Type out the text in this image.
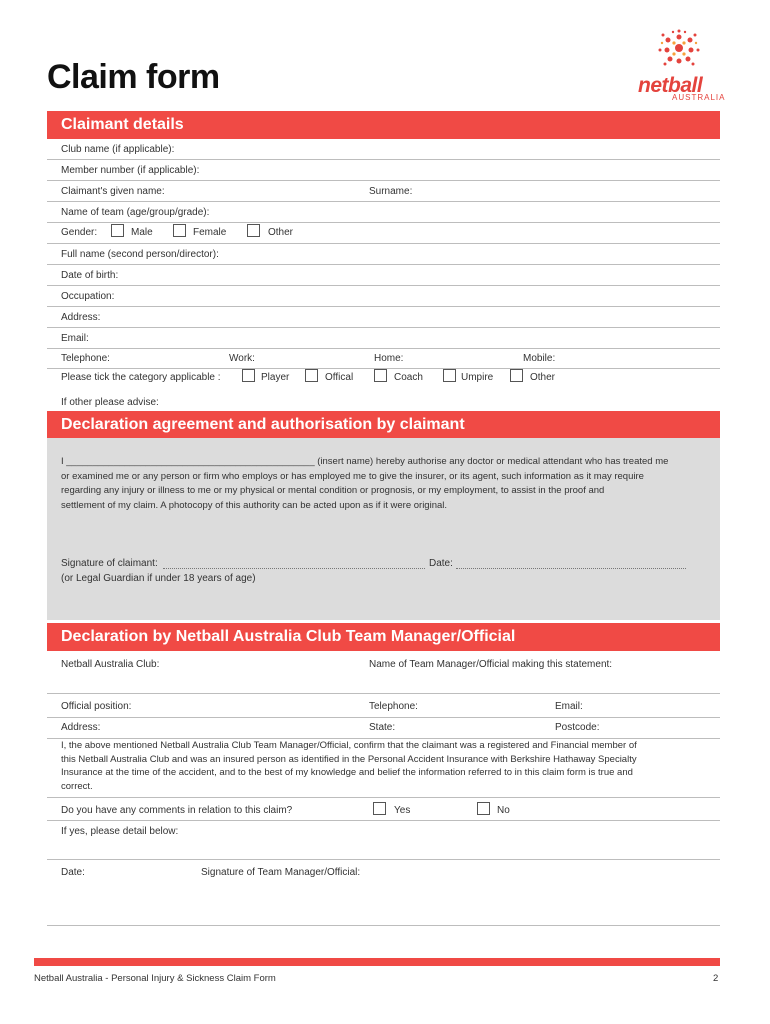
Claim form	netball
AUSTRALIA
Claimant details
Club name (if applicable):
Member number (if applicable):
Claimant's given name:	Surname:
Name of team (age/group/grade):
Gender:	Male	Female	Other
Full name (second person/director):
Date of birth:
Occupation:
Address:
Email:
Telephone:	Work:	Home:	Mobile:
Please tick the category applicable :	Player	Offical	Coach	Umpire	Other
If other please advise:
Declaration agreement and authorisation by claimant
I _______________________________________________ (insert name) hereby authorise any doctor or medical attendant who has treated me
or examined me or any person or firm who employs or has employed me to give the insurer, or its agent, such information as it may require
regarding any injury or illness to me or my physical or mental condition or prognosis, or my employment, to assist in the proof and
settlement of my claim. A photocopy of this authority can be acted upon as if it were original.
Signature of claimant:	Date:
(or Legal Guardian if under 18 years of age)
Declaration by Netball Australia Club Team Manager/Official
Netball Australia Club:	Name of Team Manager/Official making this statement:
Official position:	Telephone:	Email:
Address:	State:	Postcode:
I, the above mentioned Netball Australia Club Team Manager/Official, confirm that the claimant was a registered and Financial member of
this Netball Australia Club and was an insured person as identified in the Personal Accident Insurance with Berkshire Hathaway Specialty
Insurance at the time of the accident, and to the best of my knowledge and belief the information referred to in this claim form is true and
correct.
Do you have any comments in relation to this claim?	Yes	No
If yes, please detail below:
Date:	Signature of Team Manager/Official:
Netball Australia - Personal Injury & Sickness Claim Form	2
